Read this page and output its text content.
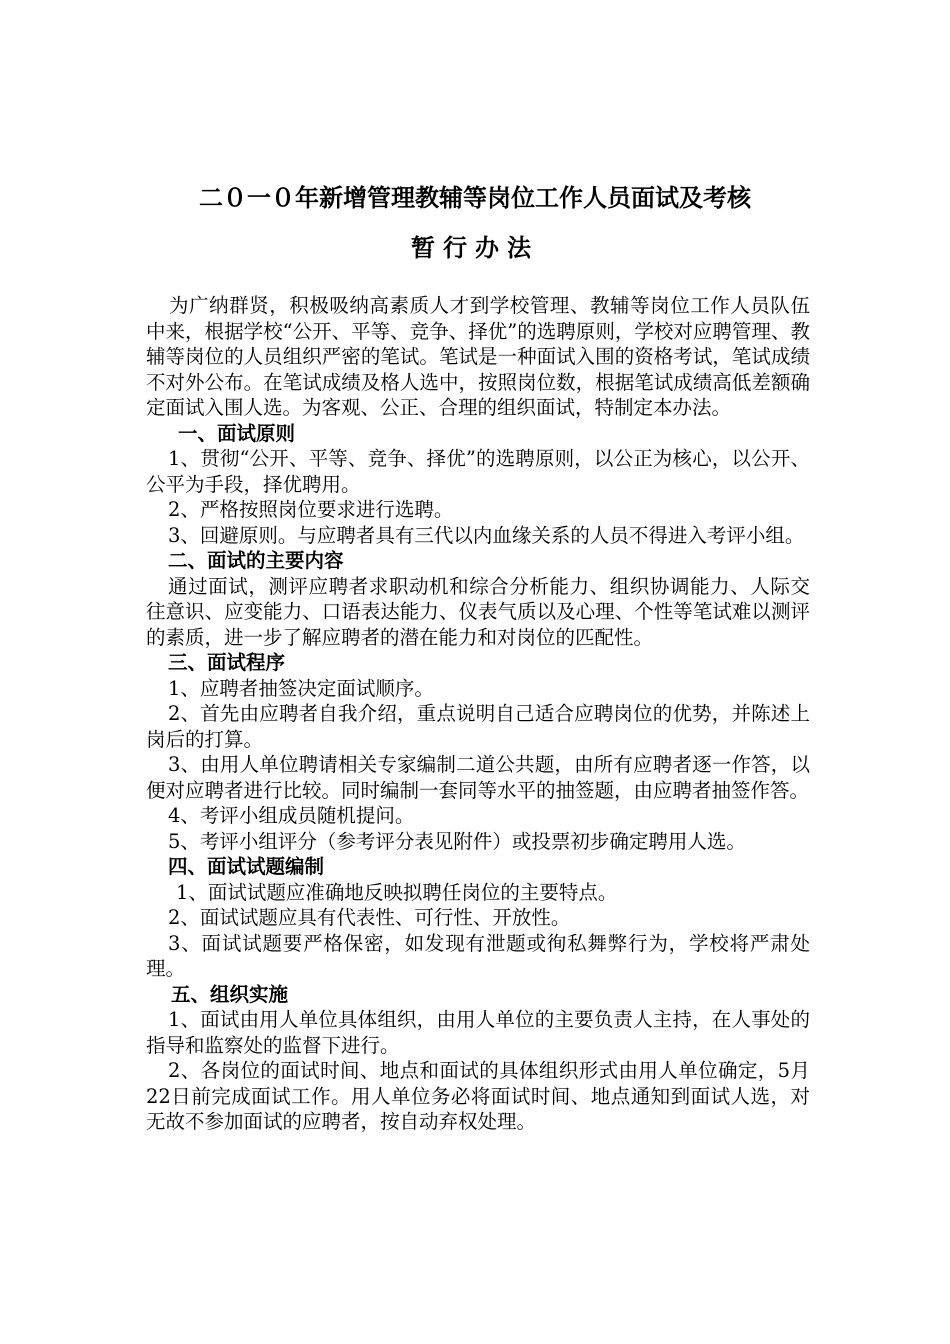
二０一０年新增管理教辅等岗位工作人员面试及考核
暂行办法

为广纳群贤，积极吸纳高素质人才到学校管理、教辅等岗位工作人员队伍中来，根据学校“公开、平等、竞争、择优”的选聘原则，学校对应聘管理、教辅等岗位的人员组织严密的笔试。笔试是一种面试入围的资格考试，笔试成绩不对外公布。在笔试成绩及格人选中，按照岗位数，根据笔试成绩高低差额确定面试入围人选。为客观、公正、合理的组织面试，特制定本办法。

一、面试原则

1、贯彻“公开、平等、竞争、择优”的选聘原则，以公正为核心，以公开、公平为手段，择优聘用。

2、严格按照岗位要求进行选聘。

3、回避原则。与应聘者具有三代以内血缘关系的人员不得进入考评小组。

二、面试的主要内容

通过面试，测评应聘者求职动机和综合分析能力、组织协调能力、人际交往意识、应变能力、口语表达能力、仪表气质以及心理、个性等笔试难以测评的素质，进一步了解应聘者的潜在能力和对岗位的匹配性。

三、面试程序

1、应聘者抽签决定面试顺序。

2、首先由应聘者自我介绍，重点说明自己适合应聘岗位的优势，并陈述上岗后的打算。

3、由用人单位聘请相关专家编制二道公共题，由所有应聘者逐一作答，以便对应聘者进行比较。同时编制一套同等水平的抽签题，由应聘者抽签作答。

4、考评小组成员随机提问。

5、考评小组评分（参考评分表见附件）或投票初步确定聘用人选。

四、面试试题编制

1、面试试题应准确地反映拟聘任岗位的主要特点。

2、面试试题应具有代表性、可行性、开放性。

3、面试试题要严格保密，如发现有泄题或徇私舞弊行为，学校将严肃处理。

五、组织实施

1、面试由用人单位具体组织，由用人单位的主要负责人主持，在人事处的指导和监察处的监督下进行。

2、各岗位的面试时间、地点和面试的具体组织形式由用人单位确定，5月22日前完成面试工作。用人单位务必将面试时间、地点通知到面试人选，对无故不参加面试的应聘者，按自动弃权处理。
